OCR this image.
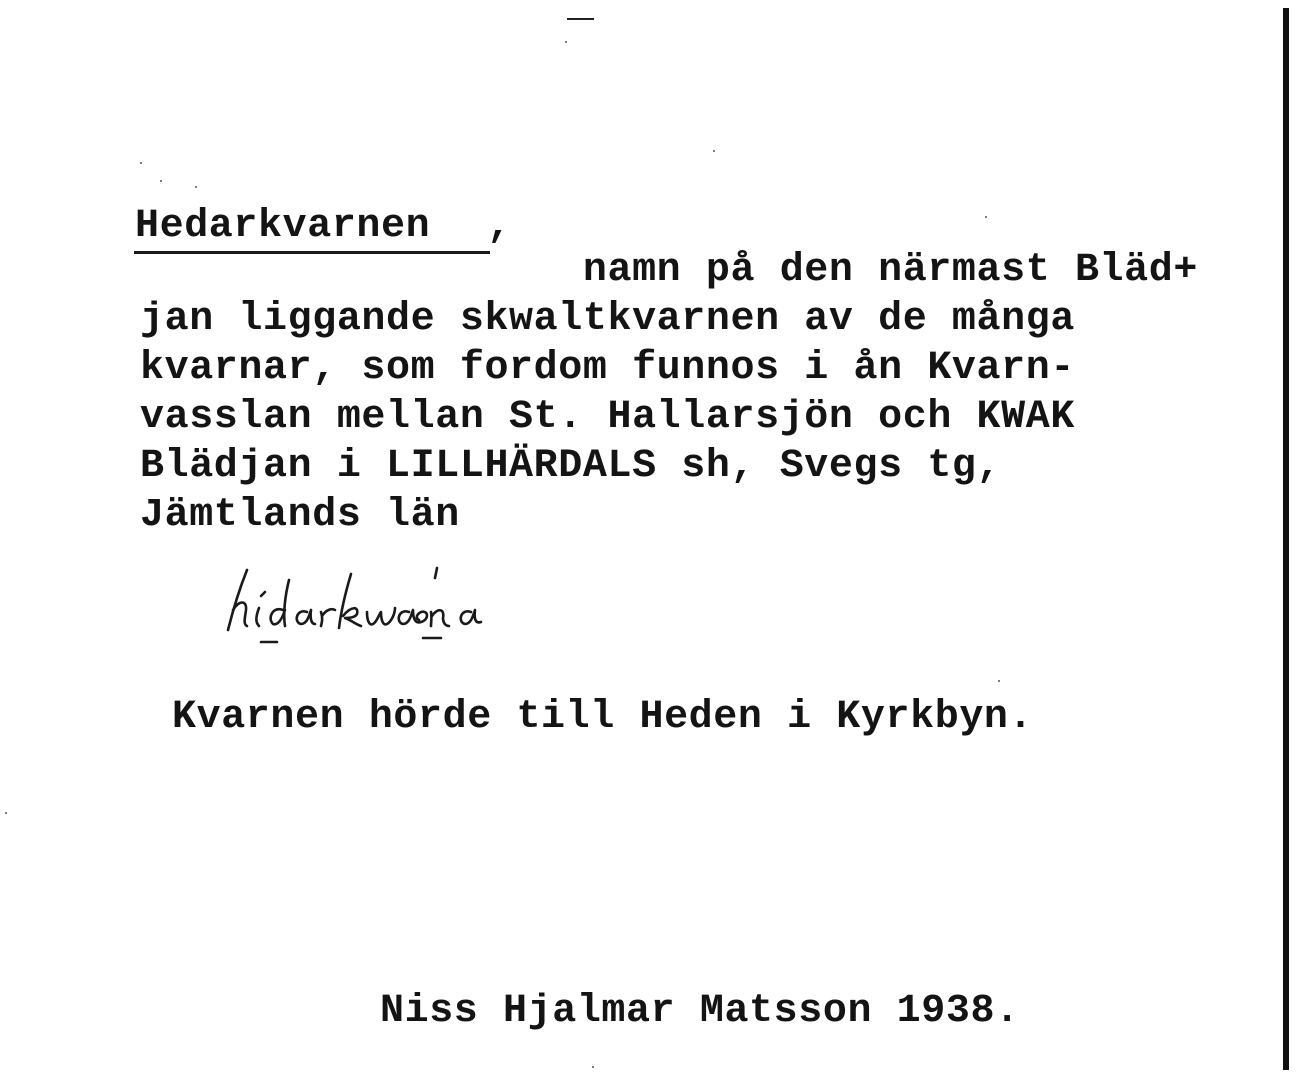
Hedarkvarnen ,
namn på den närmast Bläd+
jan liggande skwaltkvarnen av de många
kvarnar, som fordom funnos i ån Kvarn-
vasslan mellan St. Hallarsjön och KWAK
Blädjan i LILLHÄRDALS sh, Svegs tg,
Jämtlands län
Kvarnen hörde till Heden i Kyrkbyn.
Niss Hjalmar Matsson 1938.
